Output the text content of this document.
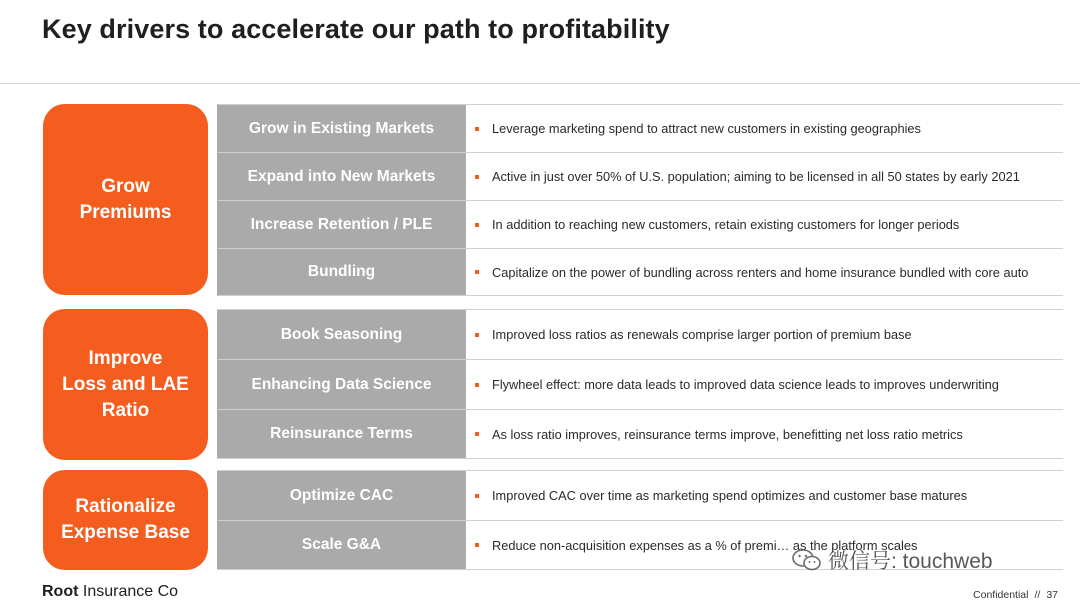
Key drivers to accelerate our path to profitability
Grow
Premiums
Grow in Existing Markets	Leverage marketing spend to attract new customers in existing geographies
Expand into New Markets	Active in just over 50% of U.S. population; aiming to be licensed in all 50 states by early 2021
Increase Retention / PLE	In addition to reaching new customers, retain existing customers for longer periods
Bundling	Capitalize on the power of bundling across renters and home insurance bundled with core auto
Improve
Loss and LAE
Ratio
Book Seasoning	Improved loss ratios as renewals comprise larger portion of premium base
Enhancing Data Science	Flywheel effect: more data leads to improved data science leads to improves underwriting
Reinsurance Terms	As loss ratio improves, reinsurance terms improve, benefitting net loss ratio metrics
Rationalize
Expense Base
Optimize CAC	Improved CAC over time as marketing spend optimizes and customer base matures
Scale G&A	Reduce non-acquisition expenses as a % of premi… as the platform scales
Root Insurance Co
微信号: touchweb
Confidential // 37
